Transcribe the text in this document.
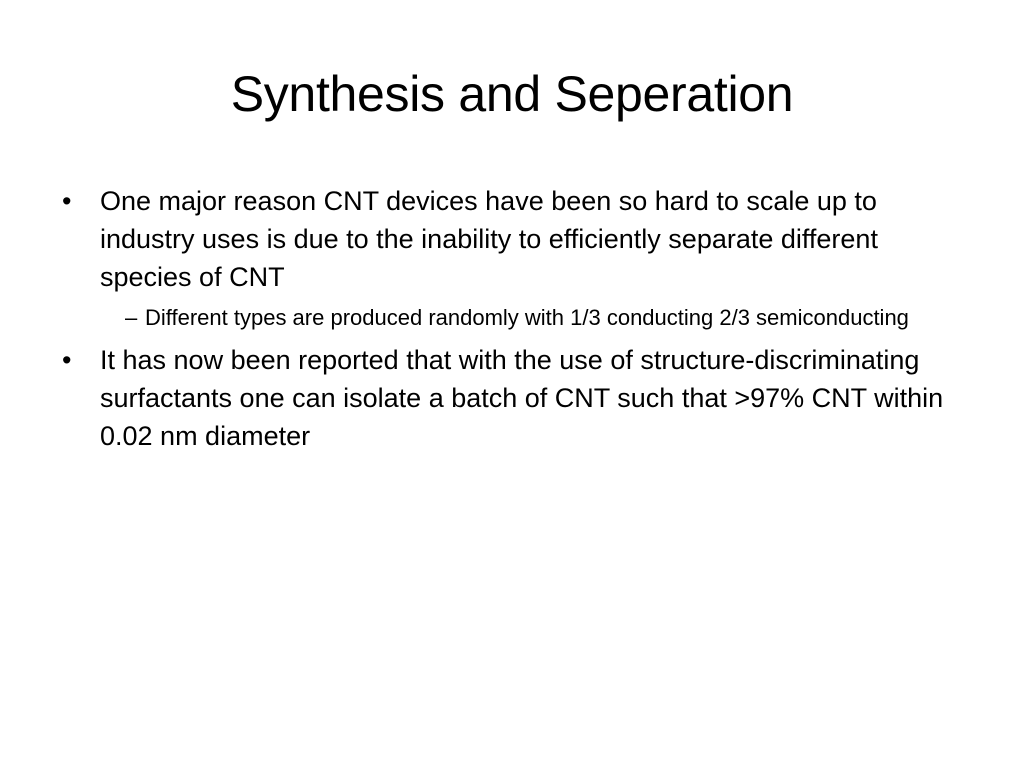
Synthesis and Seperation
•	One major reason CNT devices have been so hard to scale up to industry uses is due to the inability to efficiently separate different species of CNT
– Different types are produced randomly with 1/3 conducting 2/3 semiconducting
•	It has now been reported that with the use of structure-discriminating surfactants one can isolate a batch of CNT such that >97% CNT within 0.02 nm diameter
